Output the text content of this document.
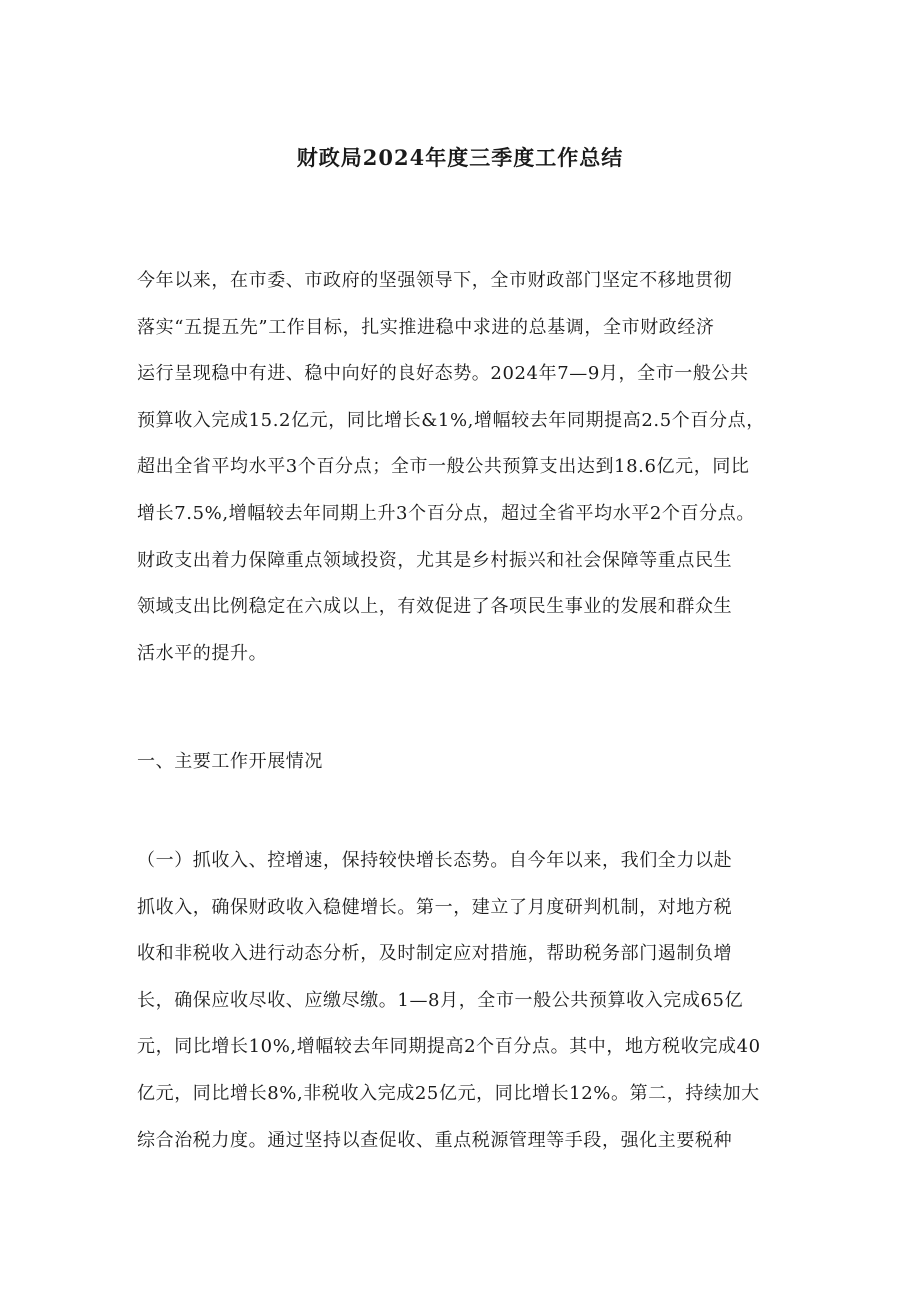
财政局2024年度三季度工作总结

今年以来，在市委、市政府的坚强领导下，全市财政部门坚定不移地贯彻
落实“五提五先”工作目标，扎实推进稳中求进的总基调，全市财政经济
运行呈现稳中有进、稳中向好的良好态势。2024年7—9月，全市一般公共
预算收入完成15.2亿元，同比增长&1%,增幅较去年同期提高2.5个百分点，
超出全省平均水平3个百分点；全市一般公共预算支出达到18.6亿元，同比
增长7.5%,增幅较去年同期上升3个百分点，超过全省平均水平2个百分点。
财政支出着力保障重点领域投资，尤其是乡村振兴和社会保障等重点民生
领域支出比例稳定在六成以上，有效促进了各项民生事业的发展和群众生
活水平的提升。

一、主要工作开展情况

（一）抓收入、控增速，保持较快增长态势。自今年以来，我们全力以赴
抓收入，确保财政收入稳健增长。第一，建立了月度研判机制，对地方税
收和非税收入进行动态分析，及时制定应对措施，帮助税务部门遏制负增
长，确保应收尽收、应缴尽缴。1—8月，全市一般公共预算收入完成65亿
元，同比增长10%,增幅较去年同期提高2个百分点。其中，地方税收完成40
亿元，同比增长8%,非税收入完成25亿元，同比增长12%。第二，持续加大
综合治税力度。通过坚持以查促收、重点税源管理等手段，强化主要税种
